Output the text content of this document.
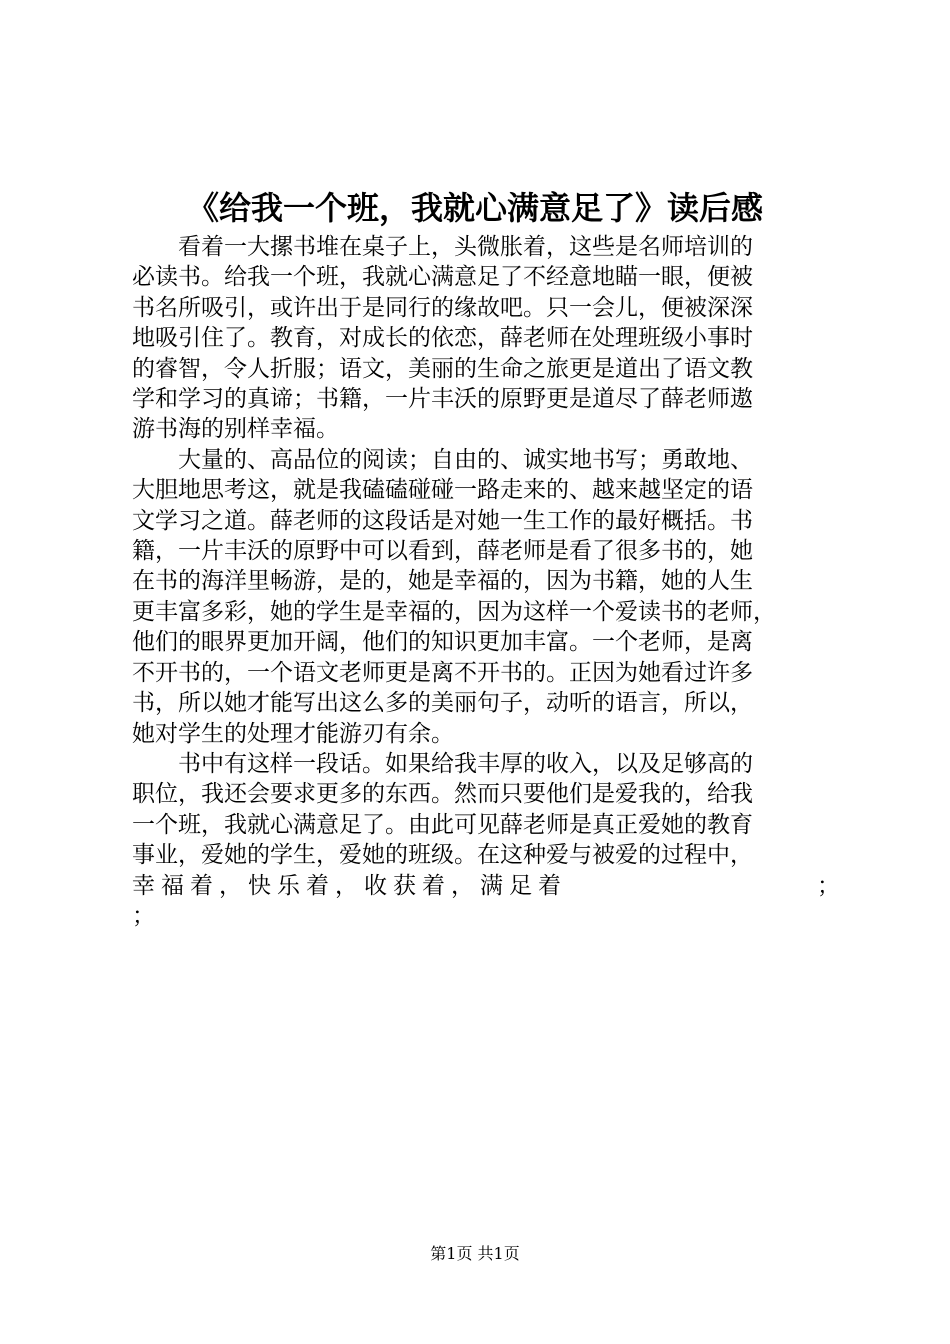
《给我一个班，我就心满意足了》读后感

看着一大摞书堆在桌子上，头微胀着，这些是名师培训的
必读书。给我一个班，我就心满意足了不经意地瞄一眼，便被
书名所吸引，或许出于是同行的缘故吧。只一会儿，便被深深
地吸引住了。教育，对成长的依恋，薛老师在处理班级小事时
的睿智，令人折服；语文，美丽的生命之旅更是道出了语文教
学和学习的真谛；书籍，一片丰沃的原野更是道尽了薛老师遨
游书海的别样幸福。

大量的、高品位的阅读；自由的、诚实地书写；勇敢地、
大胆地思考这，就是我磕磕碰碰一路走来的、越来越坚定的语
文学习之道。薛老师的这段话是对她一生工作的最好概括。书
籍，一片丰沃的原野中可以看到，薛老师是看了很多书的，她
在书的海洋里畅游，是的，她是幸福的，因为书籍，她的人生
更丰富多彩，她的学生是幸福的，因为这样一个爱读书的老师，
他们的眼界更加开阔，他们的知识更加丰富。一个老师，是离
不开书的，一个语文老师更是离不开书的。正因为她看过许多
书，所以她才能写出这么多的美丽句子，动听的语言，所以，
她对学生的处理才能游刃有余。

书中有这样一段话。如果给我丰厚的收入，以及足够高的
职位，我还会要求更多的东西。然而只要他们是爱我的，给我
一个班，我就心满意足了。由此可见薛老师是真正爱她的教育
事业，爱她的学生，爱她的班级。在这种爱与被爱的过程中，
幸福着，快乐着，收获着，满足着	；
；

第1页 共1页
